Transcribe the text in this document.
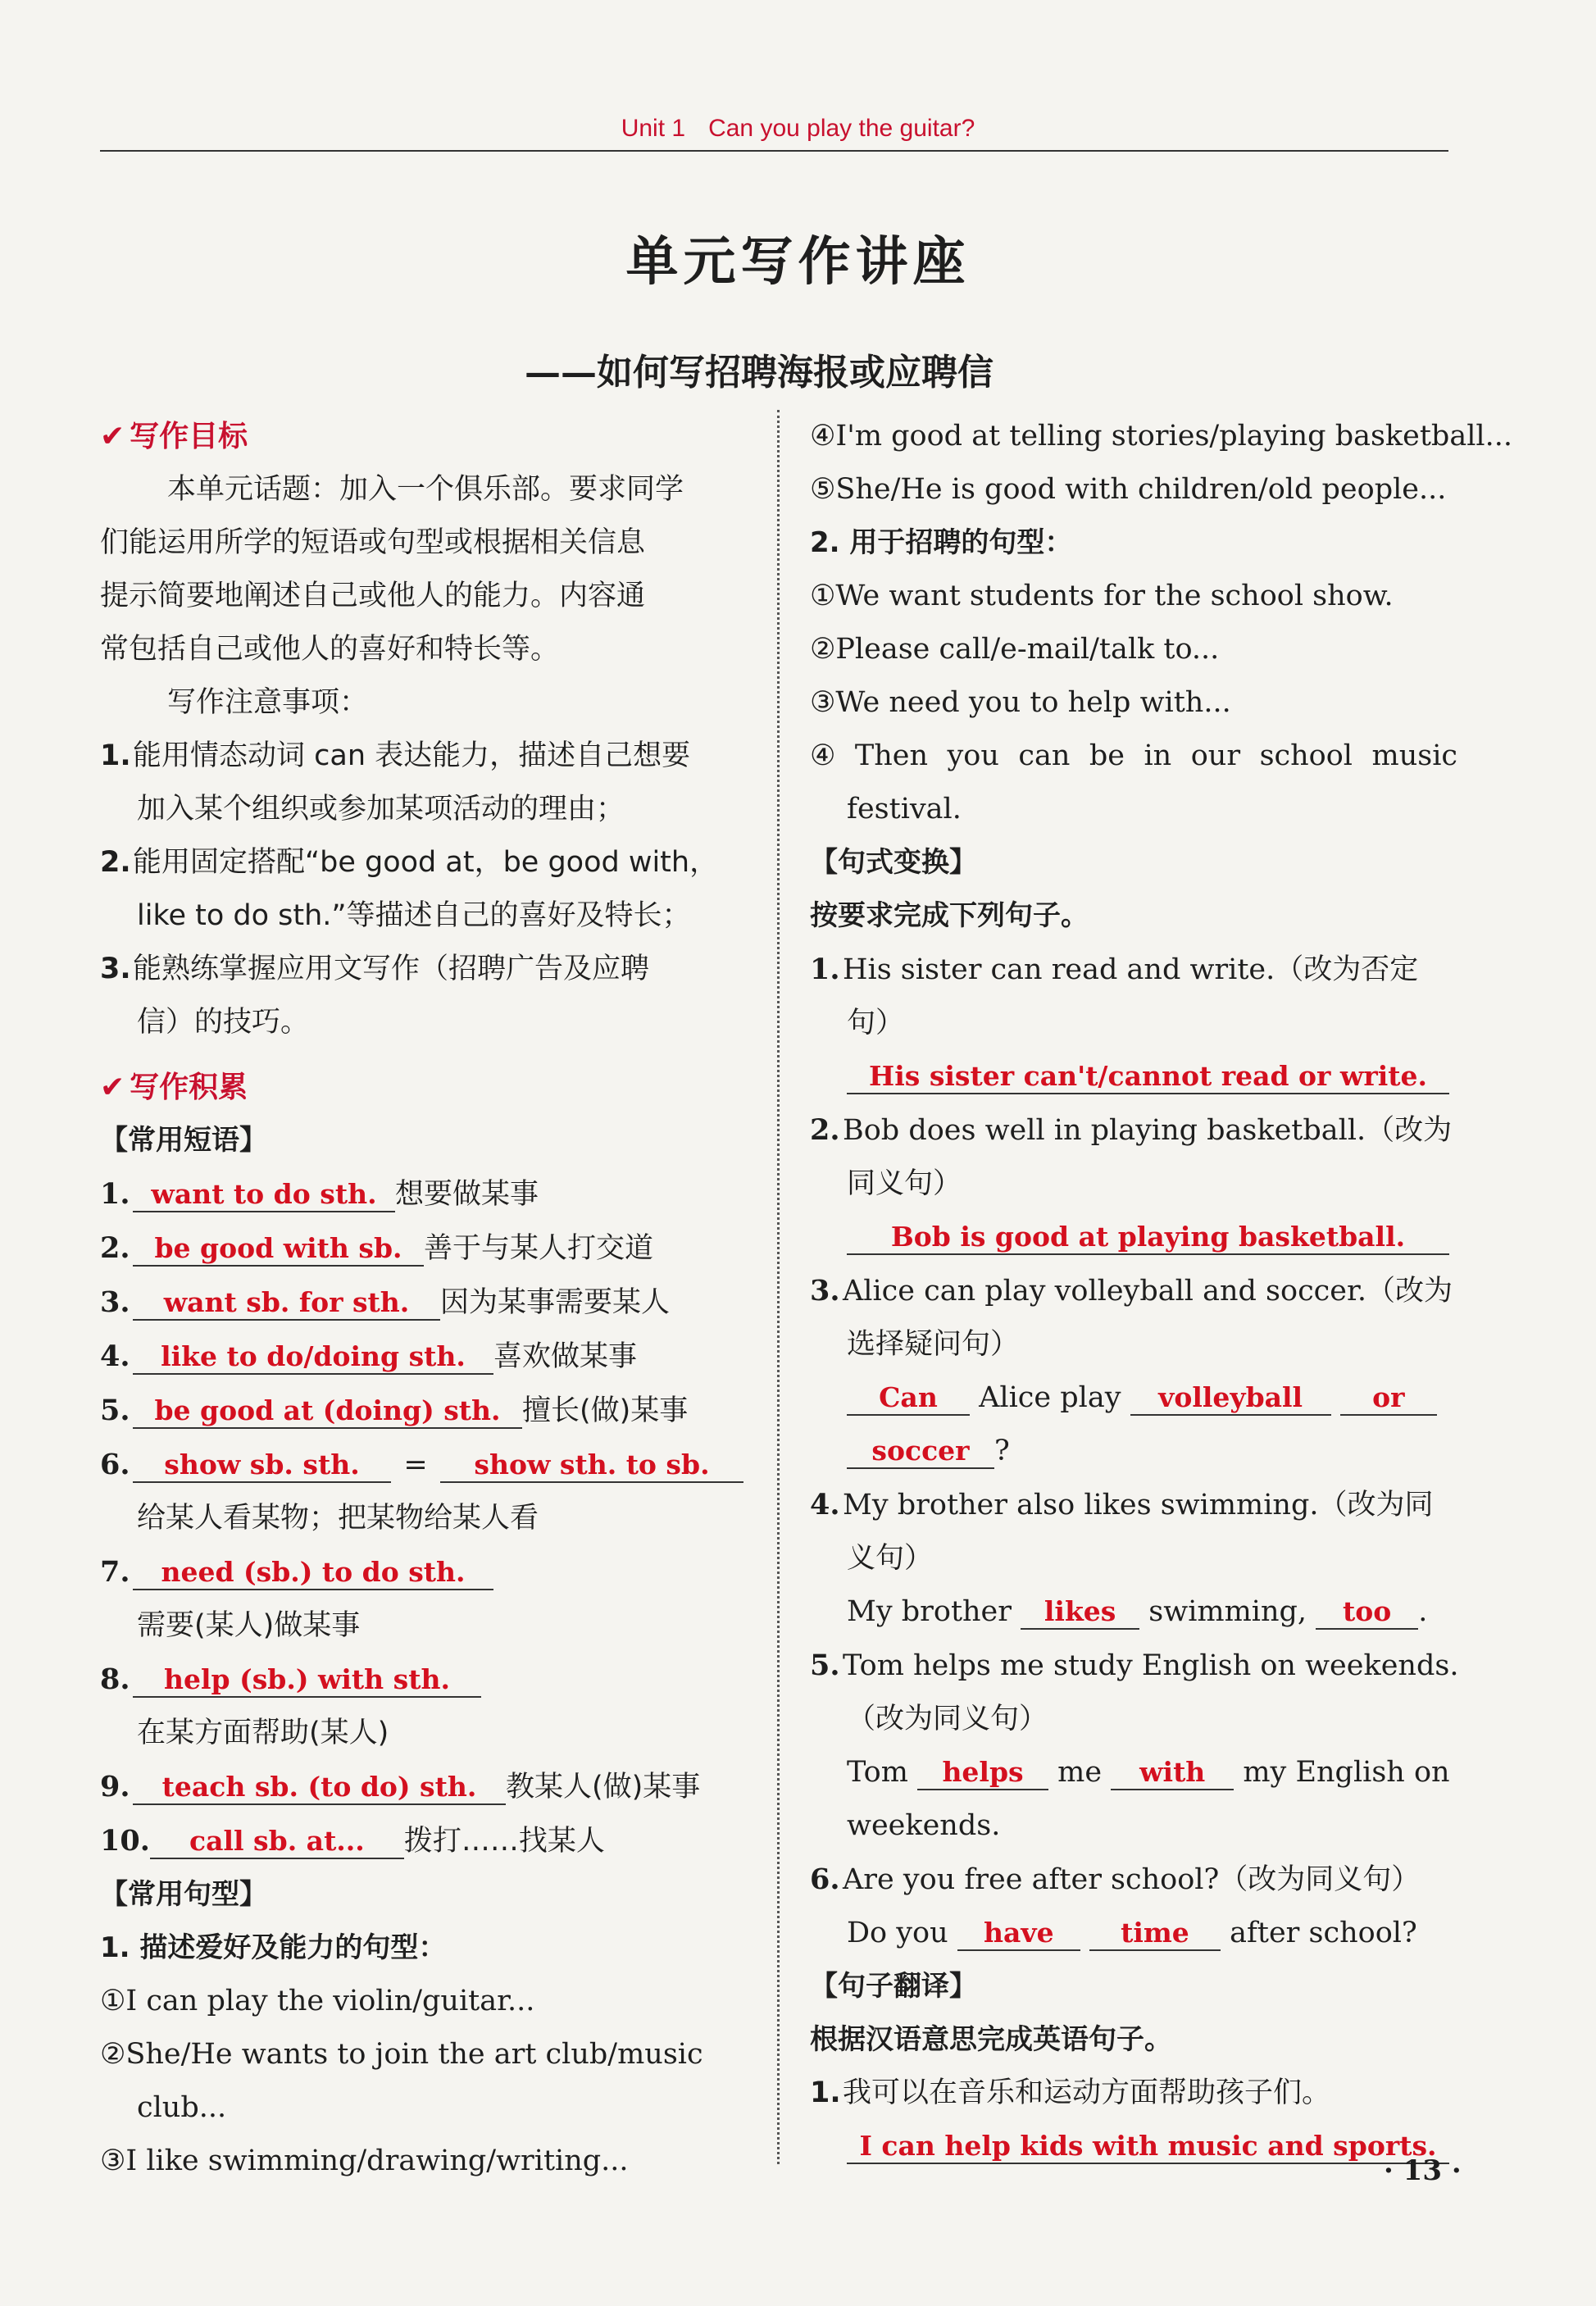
Unit 1 Can you play the guitar?
单元写作讲座
——如何写招聘海报或应聘信
✔ 写作目标
本单元话题：加入一个俱乐部。要求同学
们能运用所学的短语或句型或根据相关信息
提示简要地阐述自己或他人的能力。内容通
常包括自己或他人的喜好和特长等。
写作注意事项：
1.能用情态动词 can 表达能力，描述自己想要
加入某个组织或参加某项活动的理由；
2.能用固定搭配“be good at，be good with，
like to do sth.”等描述自己的喜好及特长；
3.能熟练掌握应用文写作（招聘广告及应聘
信）的技巧。
✔ 写作积累
【常用短语】
1. want to do sth. 想要做某事
2. be good with sb. 善于与某人打交道
3. want sb. for sth. 因为某事需要某人
4. like to do/doing sth. 喜欢做某事
5. be good at (doing) sth. 擅长(做)某事
6. show sb. sth. = show sth. to sb.
给某人看某物；把某物给某人看
7. need (sb.) to do sth.
需要(某人)做某事
8. help (sb.) with sth.
在某方面帮助(某人)
9. teach sb. (to do) sth. 教某人(做)某事
10. call sb. at... 拨打……找某人
【常用句型】
1. 描述爱好及能力的句型：
①I can play the violin/guitar...
②She/He wants to join the art club/music
club...
③I like swimming/drawing/writing...
④I'm good at telling stories/playing basketball...
⑤She/He is good with children/old people...
2. 用于招聘的句型：
①We want students for the school show.
②Please call/e-mail/talk to...
③We need you to help with...
④ Then you can be in our school music
festival.
【句式变换】
按要求完成下列句子。
1.His sister can read and write.（改为否定
句）
His sister can't/cannot read or write.
2.Bob does well in playing basketball.（改为
同义句）
Bob is good at playing basketball.
3.Alice can play volleyball and soccer.（改为
选择疑问句）
Can Alice play volleyball	or
soccer ?
4.My brother also likes swimming.（改为同
义句）
My brother likes swimming, too .
5.Tom helps me study English on weekends.
（改为同义句）
Tom helps me with my English on
weekends.
6.Are you free after school?（改为同义句）
Do you have time after school?
【句子翻译】
根据汉语意思完成英语句子。
1.我可以在音乐和运动方面帮助孩子们。
I can help kids with music and sports.
· 13 ·
